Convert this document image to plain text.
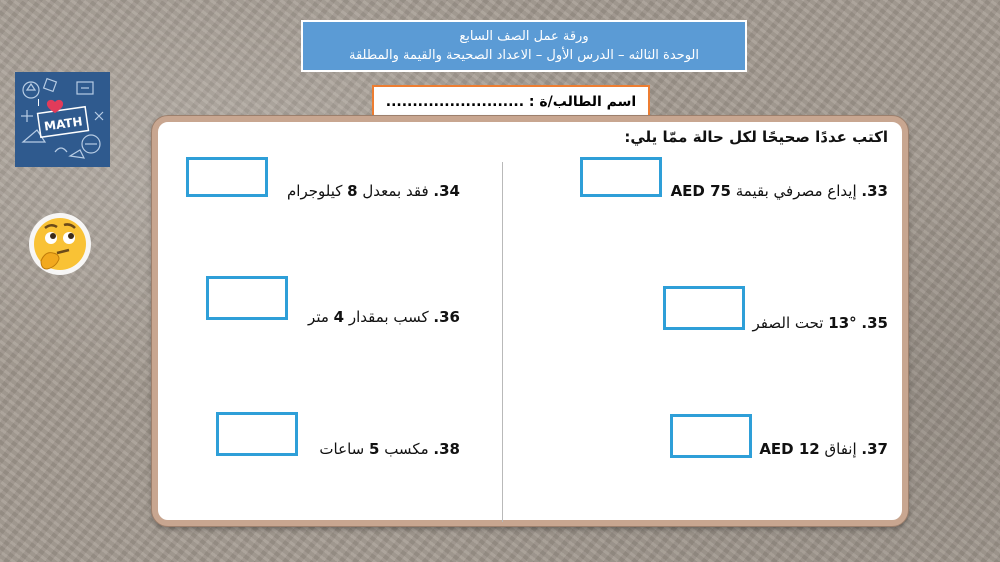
ورقة عمل الصف السابع
الوحدة الثالثه – الدرس الأول – الاعداد الصحيحة والقيمة والمطلقة
اسم الطالب/ة : ..........................
I
MATH
اكتب عددًا صحيحًا لكل حالة ممّا يلي:
33. إيداع مصرفي بقيمة AED 75
34. فقد بمعدل 8 كيلوجرام
35. 13° تحت الصفر
36. كسب بمقدار 4 متر
37. إنفاق AED 12
38. مكسب 5 ساعات
